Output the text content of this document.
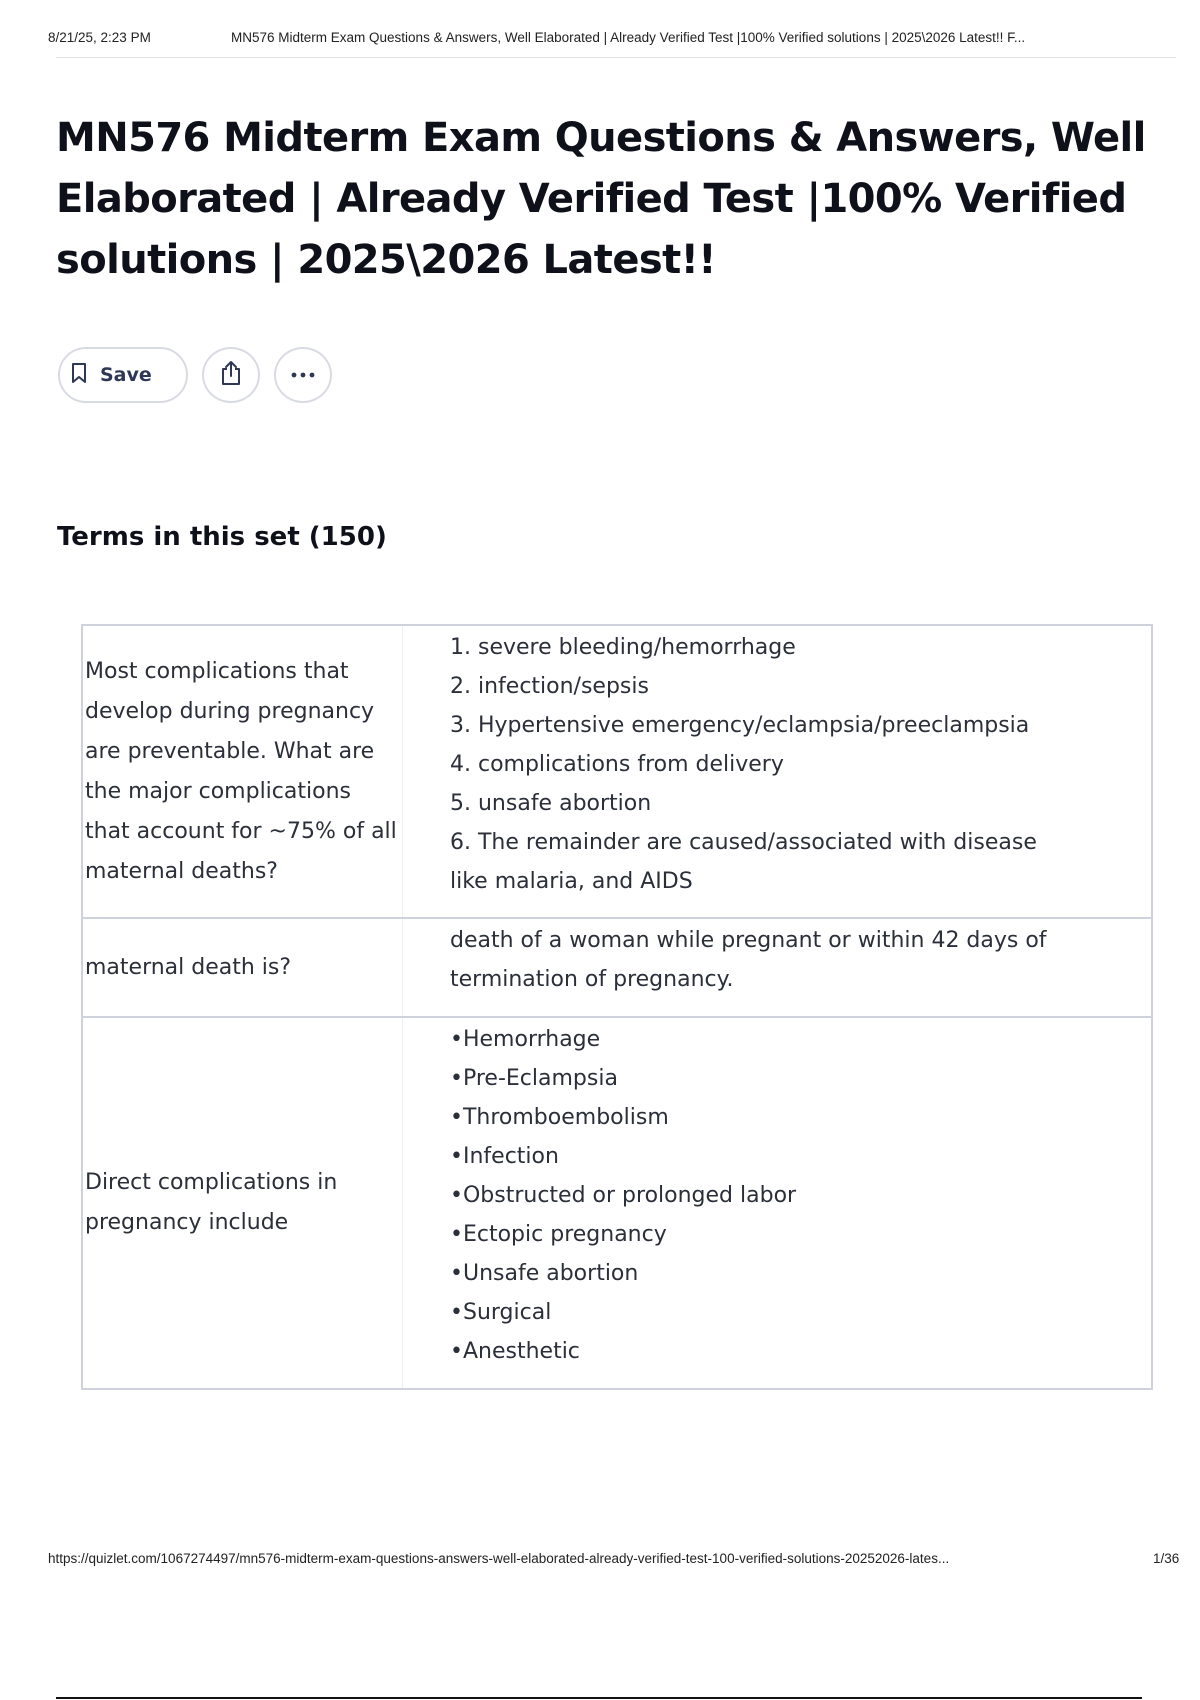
8/21/25, 2:23 PM	MN576 Midterm Exam Questions & Answers, Well Elaborated | Already Verified Test |100% Verified solutions | 2025\2026 Latest!! F...
MN576 Midterm Exam Questions & Answers, Well Elaborated | Already Verified Test |100% Verified solutions | 2025\2026 Latest!!
Save
Terms in this set (150)
Most complications that develop during pregnancy are preventable. What are the major complications that account for ~75% of all maternal deaths?
1. severe bleeding/hemorrhage
2. infection/sepsis
3. Hypertensive emergency/eclampsia/preeclampsia
4. complications from delivery
5. unsafe abortion
6. The remainder are caused/associated with disease like malaria, and AIDS
maternal death is?
death of a woman while pregnant or within 42 days of termination of pregnancy.
Direct complications in pregnancy include
•Hemorrhage
•Pre-Eclampsia
•Thromboembolism
•Infection
•Obstructed or prolonged labor
•Ectopic pregnancy
•Unsafe abortion
•Surgical
•Anesthetic
https://quizlet.com/1067274497/mn576-midterm-exam-questions-answers-well-elaborated-already-verified-test-100-verified-solutions-20252026-lates...	1/36
